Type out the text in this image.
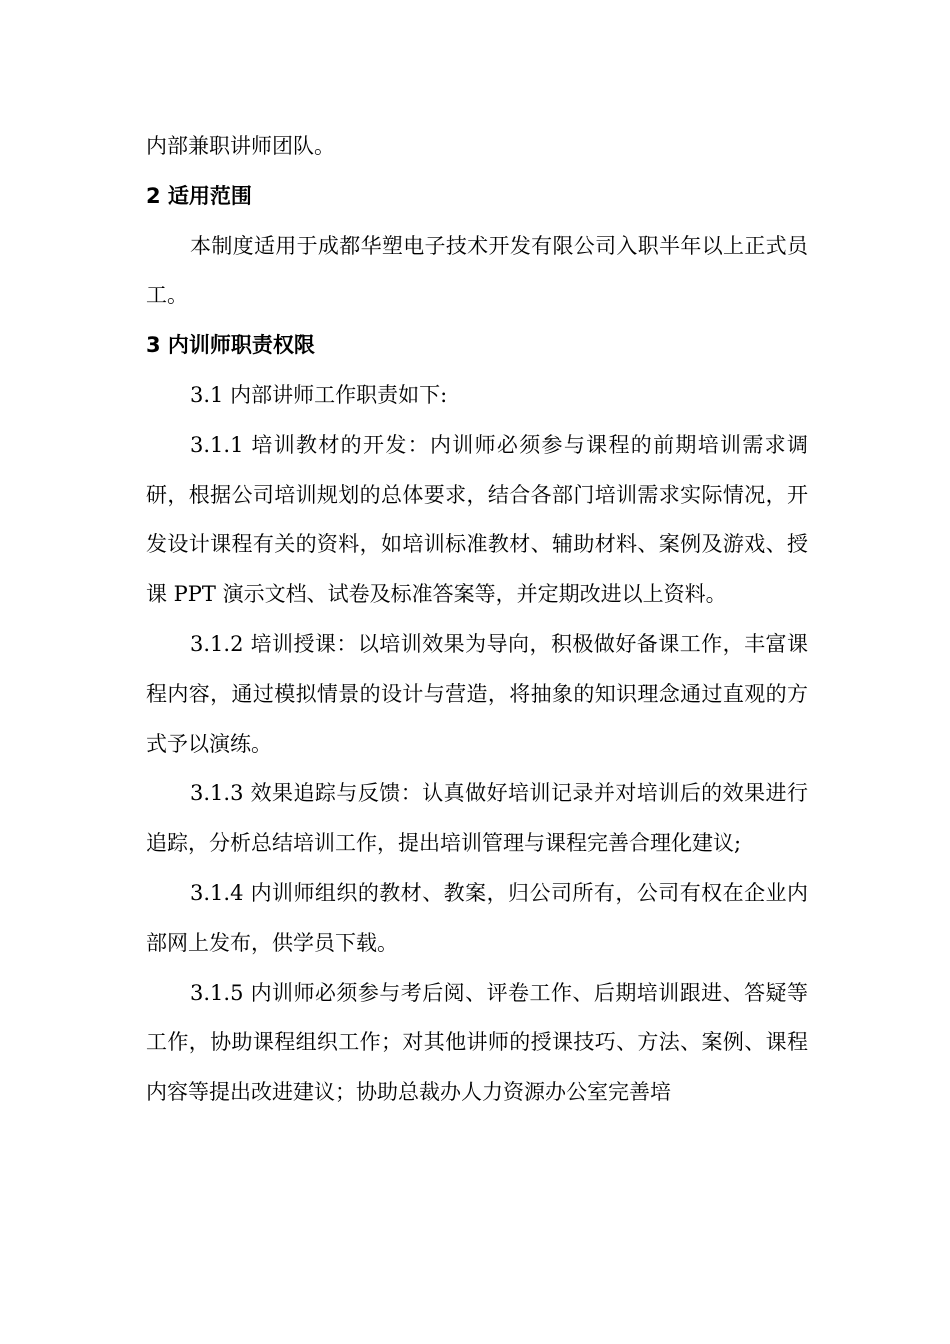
内部兼职讲师团队。

2 适用范围

本制度适用于成都华塑电子技术开发有限公司入职半年以上正式员工。

3 内训师职责权限

3.1 内部讲师工作职责如下:

3.1.1 培训教材的开发：内训师必须参与课程的前期培训需求调研，根据公司培训规划的总体要求，结合各部门培训需求实际情况，开发设计课程有关的资料，如培训标准教材、辅助材料、案例及游戏、授课 PPT 演示文档、试卷及标准答案等，并定期改进以上资料。

3.1.2 培训授课：以培训效果为导向，积极做好备课工作，丰富课程内容，通过模拟情景的设计与营造，将抽象的知识理念通过直观的方式予以演练。

3.1.3 效果追踪与反馈：认真做好培训记录并对培训后的效果进行追踪，分析总结培训工作，提出培训管理与课程完善合理化建议;

3.1.4 内训师组织的教材、教案，归公司所有，公司有权在企业内部网上发布，供学员下载。

3.1.5 内训师必须参与考后阅、评卷工作、后期培训跟进、答疑等工作，协助课程组织工作；对其他讲师的授课技巧、方法、案例、课程内容等提出改进建议；协助总裁办人力资源办公室完善培
